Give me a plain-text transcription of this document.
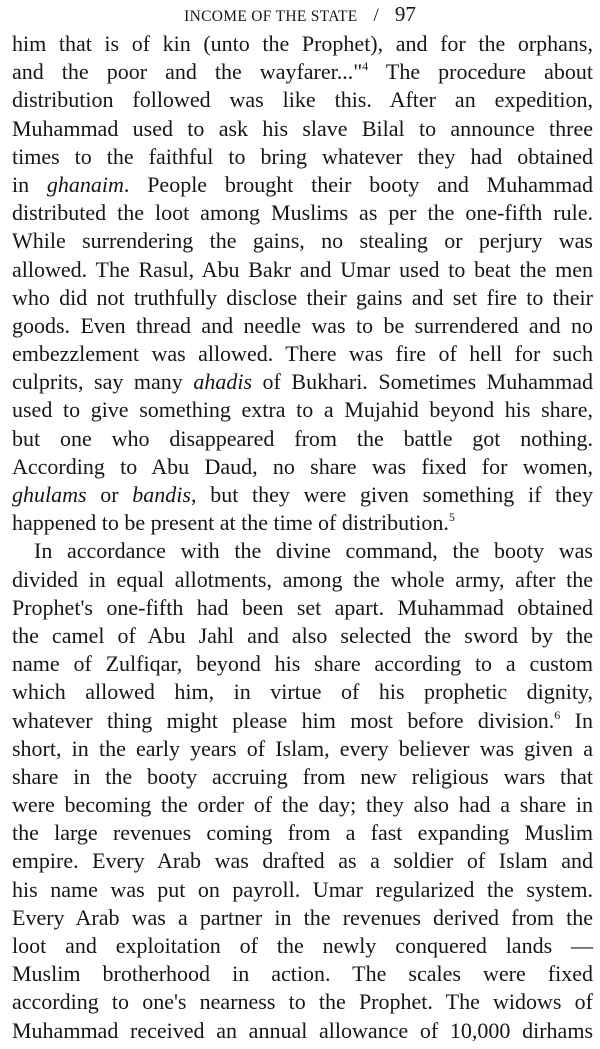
INCOME OF THE STATE / 97
him that is of kin (unto the Prophet), and for the orphans,
and the poor and the wayfarer..."$^4$ The procedure about
distribution followed was like this. After an expedition,
Muhammad used to ask his slave Bilal to announce three
times to the faithful to bring whatever they had obtained
in ghanaim. People brought their booty and Muhammad
distributed the loot among Muslims as per the one-fifth rule.
While surrendering the gains, no stealing or perjury was
allowed. The Rasul, Abu Bakr and Umar used to beat the men
who did not truthfully disclose their gains and set fire to their
goods. Even thread and needle was to be surrendered and no
embezzlement was allowed. There was fire of hell for such
culprits, say many ahadis of Bukhari. Sometimes Muhammad
used to give something extra to a Mujahid beyond his share,
but one who disappeared from the battle got nothing.
According to Abu Daud, no share was fixed for women,
ghulams or bandis, but they were given something if they
happened to be present at the time of distribution.$^5$
In accordance with the divine command, the booty was
divided in equal allotments, among the whole army, after the
Prophet's one-fifth had been set apart. Muhammad obtained
the camel of Abu Jahl and also selected the sword by the
name of Zulfiqar, beyond his share according to a custom
which allowed him, in virtue of his prophetic dignity,
whatever thing might please him most before division.$^6$ In
short, in the early years of Islam, every believer was given a
share in the booty accruing from new religious wars that
were becoming the order of the day; they also had a share in
the large revenues coming from a fast expanding Muslim
empire. Every Arab was drafted as a soldier of Islam and
his name was put on payroll. Umar regularized the system.
Every Arab was a partner in the revenues derived from the
loot and exploitation of the newly conquered lands —
Muslim brotherhood in action. The scales were fixed
according to one's nearness to the Prophet. The widows of
Muhammad received an annual allowance of 10,000 dirhams
